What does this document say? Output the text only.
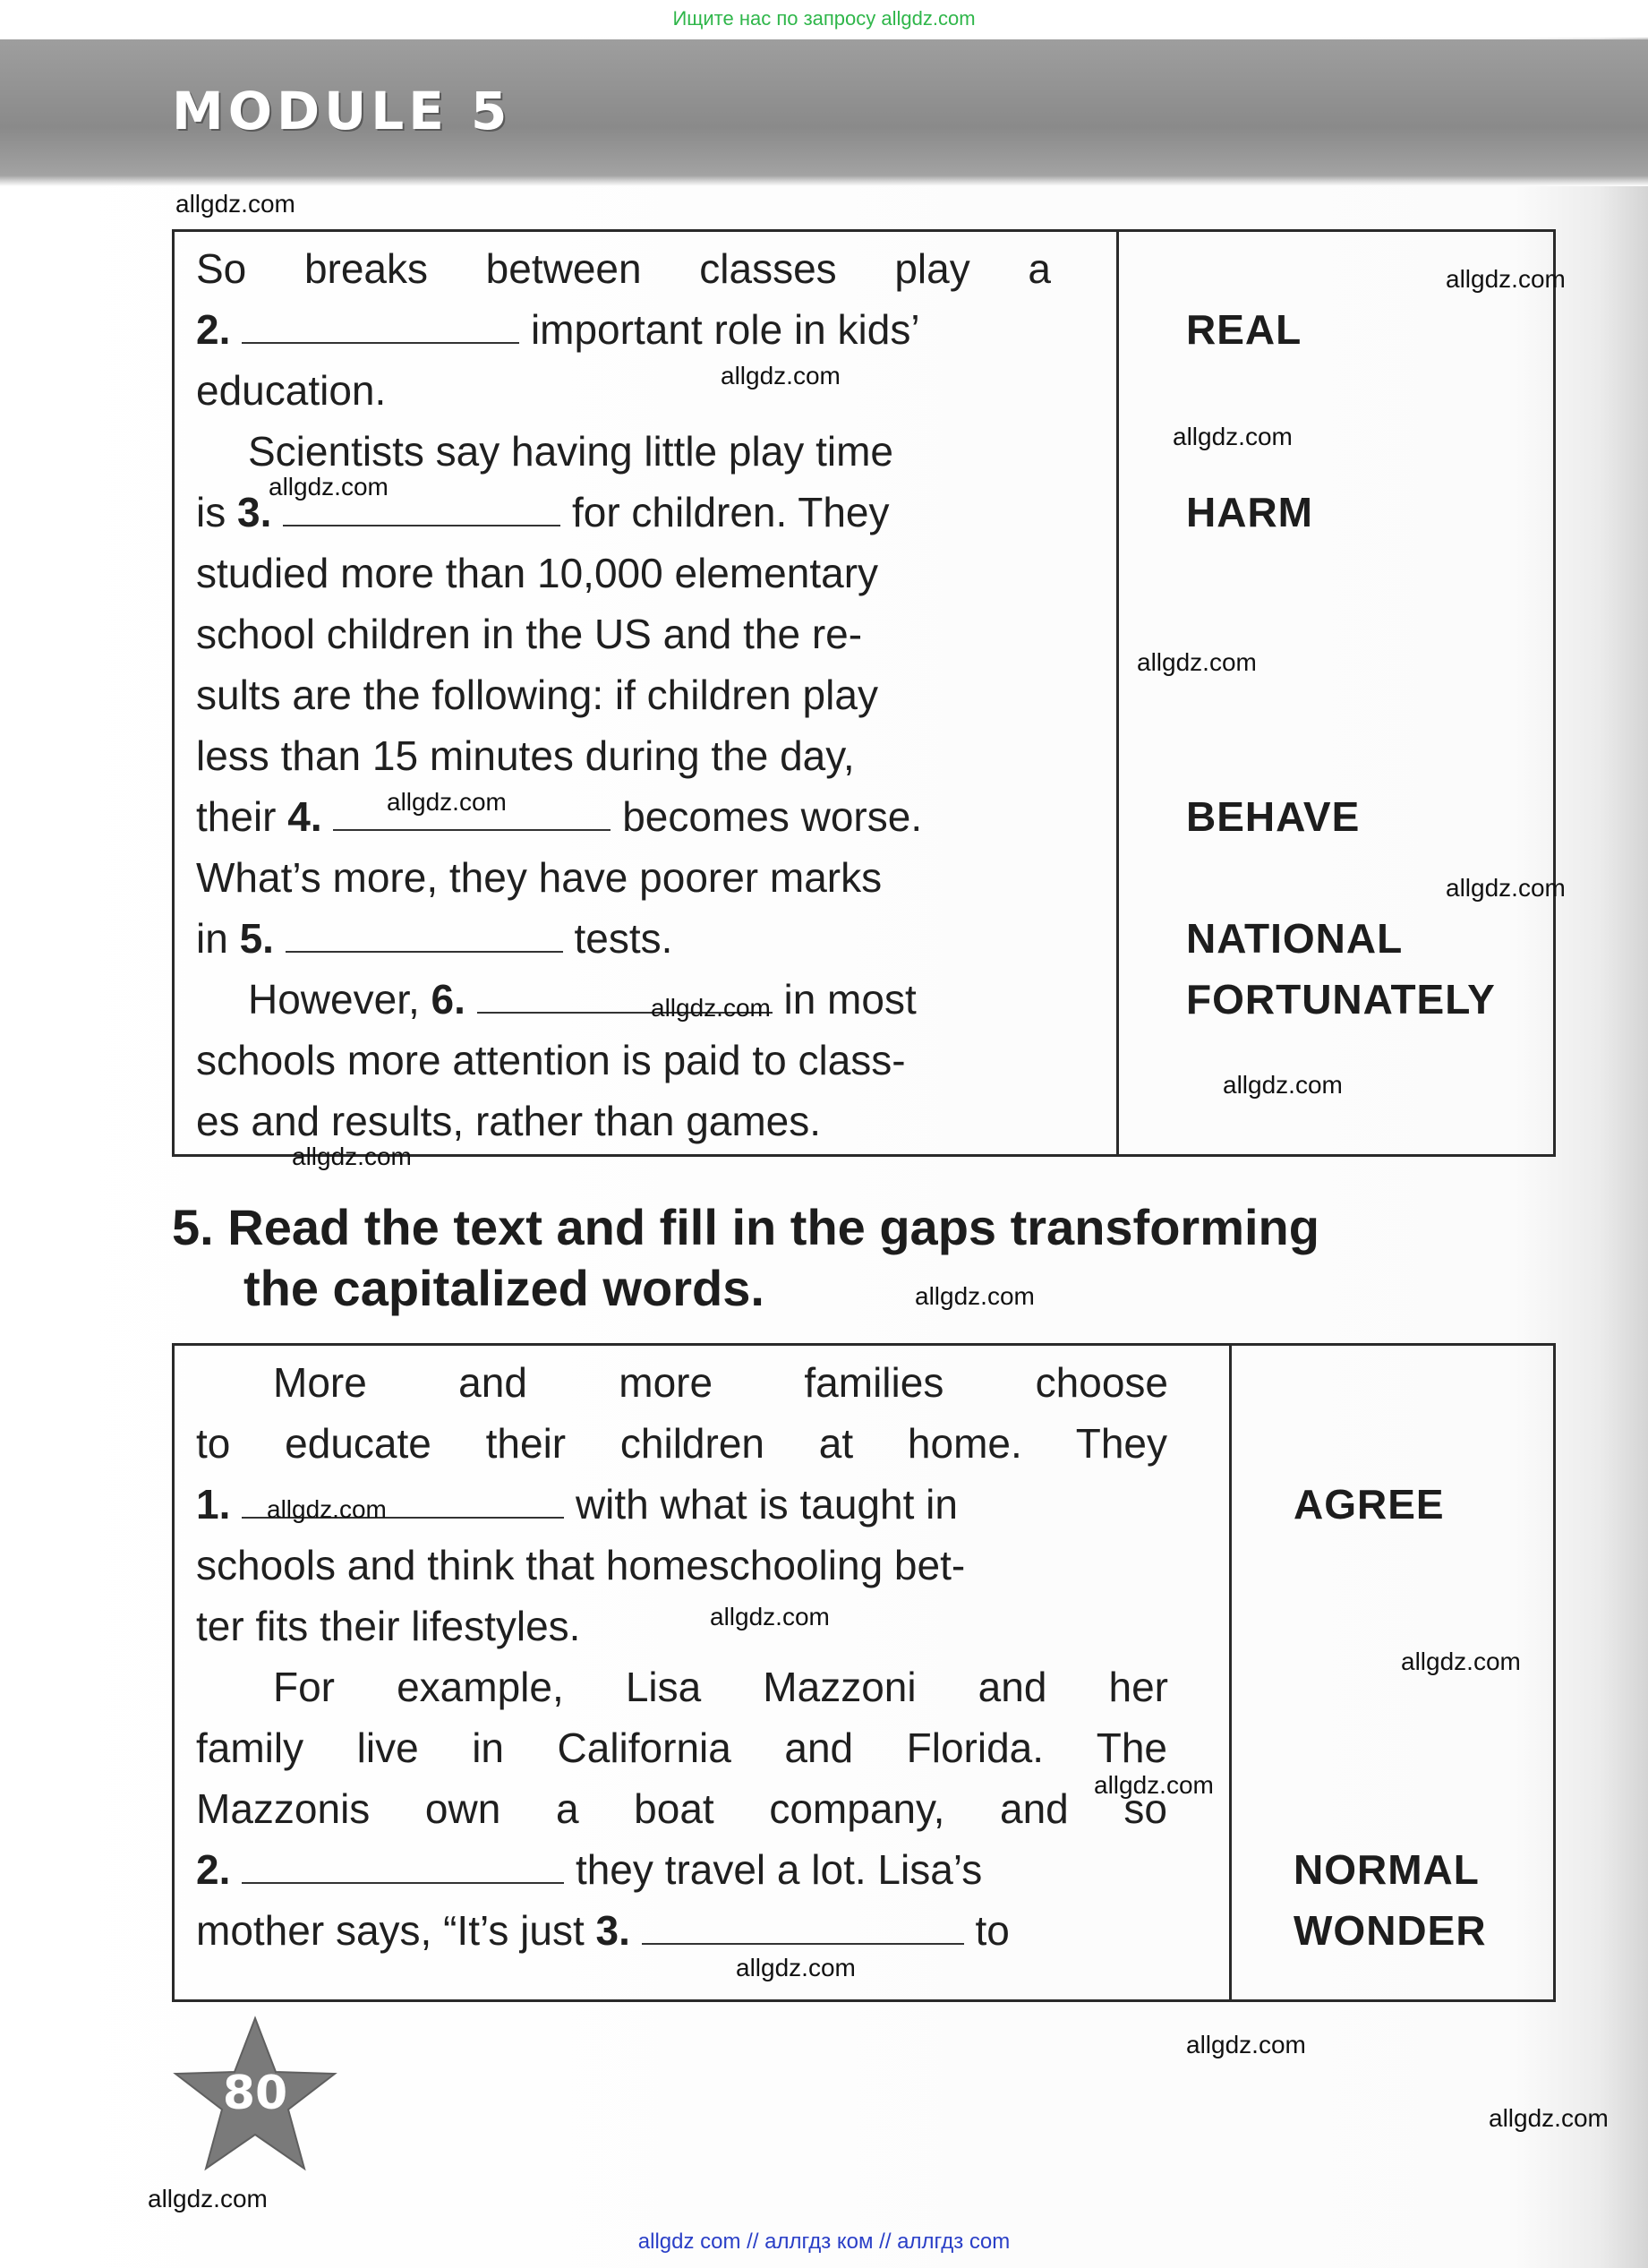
Ищите нас по запросу allgdz.com
MODULE 5
So breaks between classes play a
2.	important role in kids’
education.
Scientists say having little play time
is 3.	for children. They
studied more than 10,000 elementary
school children in the US and the re-
sults are the following: if children play
less than 15 minutes during the day,
their 4.	becomes worse.
What’s more, they have poorer marks
in 5.	tests.
However, 6.	in most
schools more attention is paid to class-
es and results, rather than games.
REAL
HARM
BEHAVE
NATIONAL
FORTUNATELY
5. Read the text and fill in the gaps transforming
the capitalized words.
More and more families choose
to educate their children at home. They
1.	with what is taught in
schools and think that homeschooling bet-
ter fits their lifestyles.
For example, Lisa Mazzoni and her
family live in California and Florida. The
Mazzonis own a boat company, and so
2.	they travel a lot. Lisa’s
mother says, “It’s just 3.	to
AGREE
NORMAL
WONDER
80
allgdz.com
allgdz.com
allgdz.com
allgdz.com
allgdz.com
allgdz.com
allgdz.com
allgdz.com
allgdz.com
allgdz.com
allgdz.com
allgdz.com
allgdz.com
allgdz.com
allgdz.com
allgdz.com
allgdz.com
allgdz.com
allgdz.com
allgdz.com
allgdz com // аллгдз ком // аллгдз com
